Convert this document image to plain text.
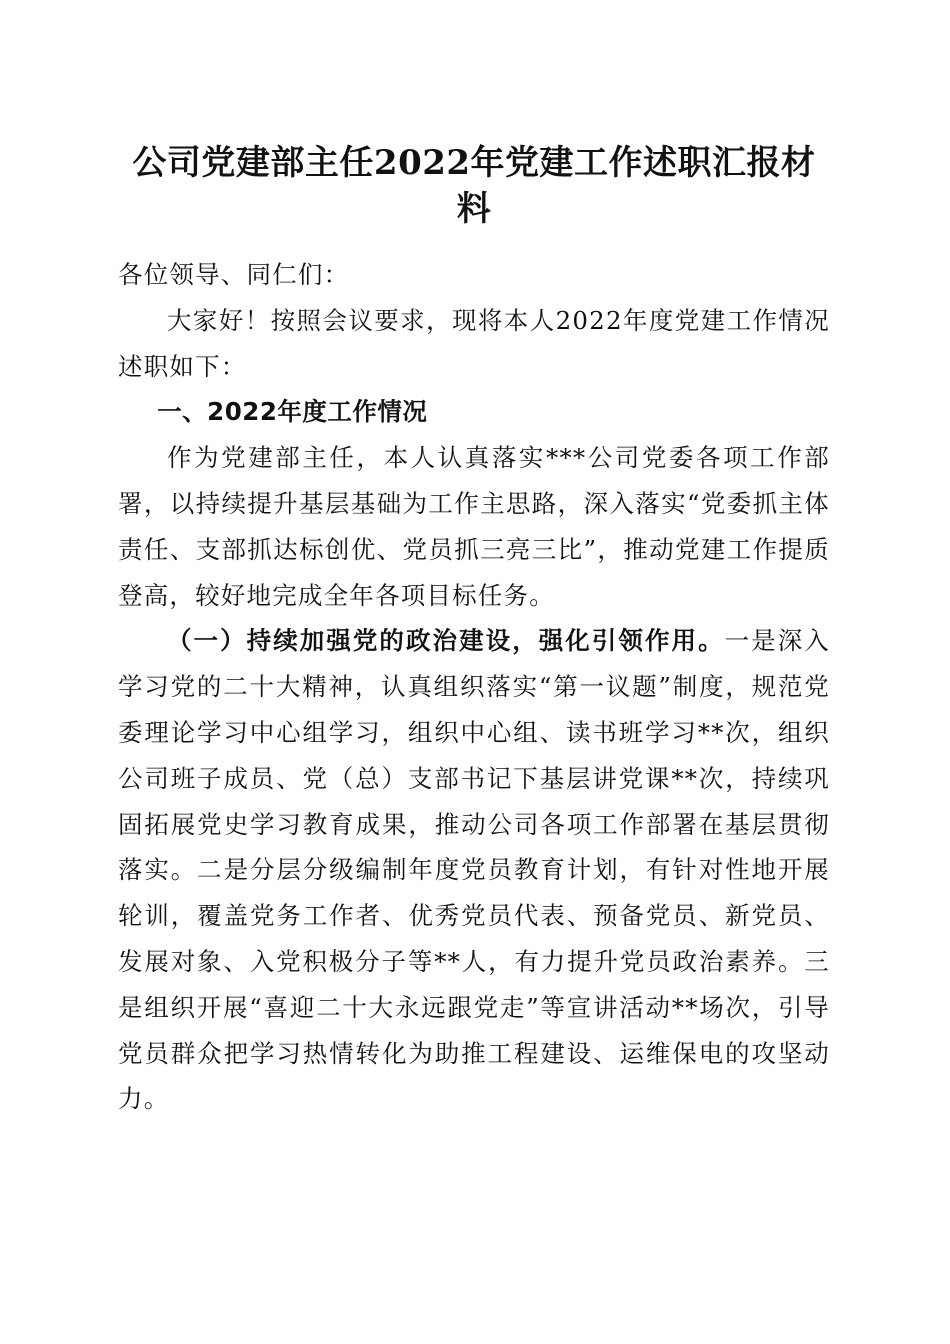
公司党建部主任2022年党建工作述职汇报材料

各位领导、同仁们：

大家好！按照会议要求，现将本人2022年度党建工作情况述职如下：

一、2022年度工作情况

作为党建部主任，本人认真落实***公司党委各项工作部署，以持续提升基层基础为工作主思路，深入落实“党委抓主体责任、支部抓达标创优、党员抓三亮三比”，推动党建工作提质登高，较好地完成全年各项目标任务。

（一）持续加强党的政治建设，强化引领作用。一是深入学习党的二十大精神，认真组织落实“第一议题”制度，规范党委理论学习中心组学习，组织中心组、读书班学习**次，组织公司班子成员、党（总）支部书记下基层讲党课**次，持续巩固拓展党史学习教育成果，推动公司各项工作部署在基层贯彻落实。二是分层分级编制年度党员教育计划，有针对性地开展轮训，覆盖党务工作者、优秀党员代表、预备党员、新党员、发展对象、入党积极分子等**人，有力提升党员政治素养。三是组织开展“喜迎二十大永远跟党走”等宣讲活动**场次，引导党员群众把学习热情转化为助推工程建设、运维保电的攻坚动力。
